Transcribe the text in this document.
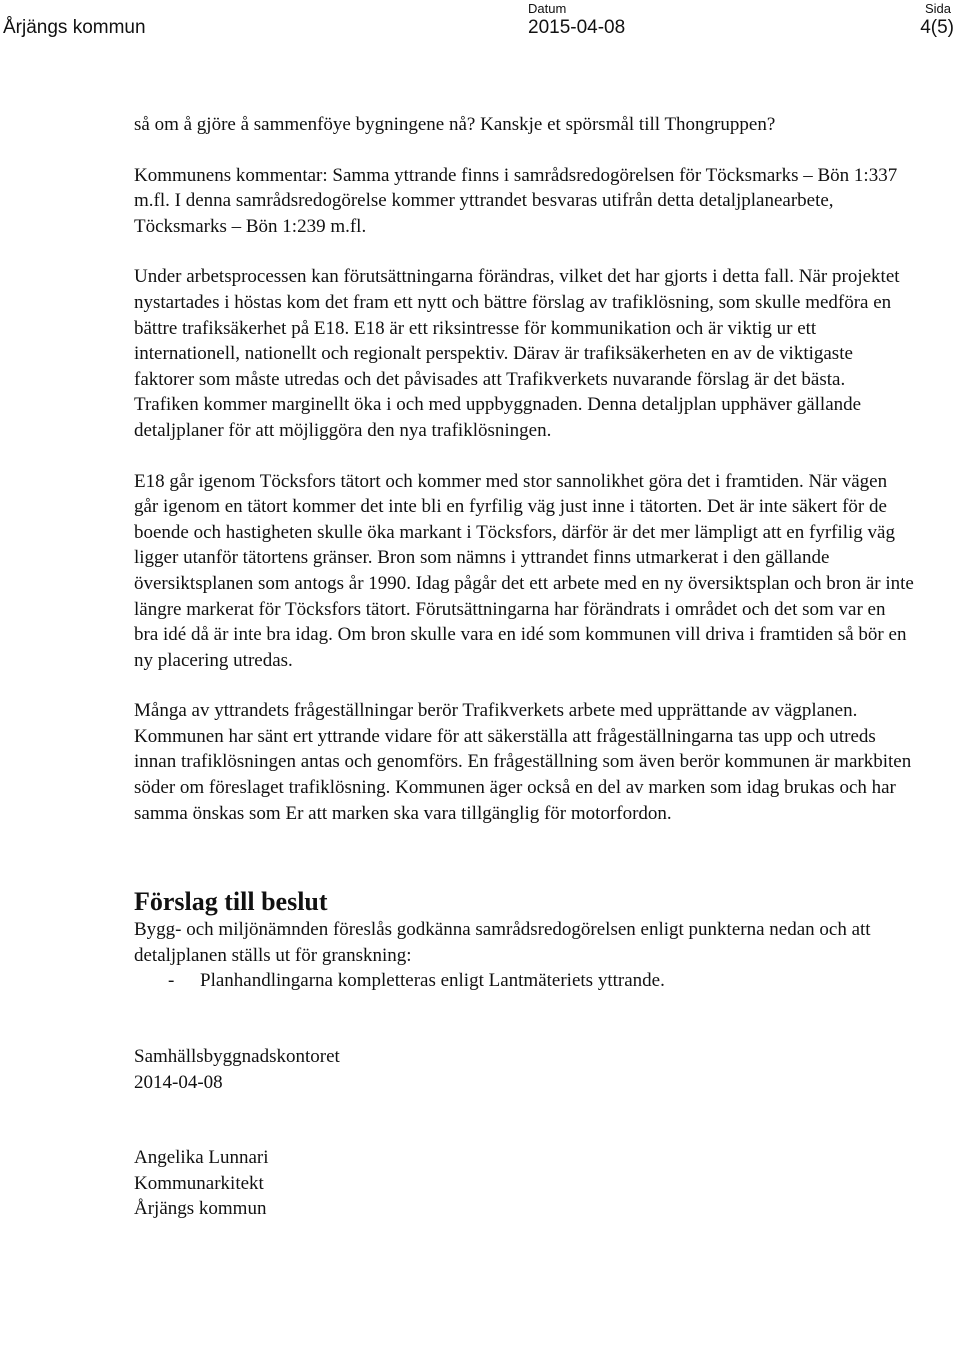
Årjängs kommun
Datum
2015-04-08
Sida
4(5)

så om å gjöre å sammenföye bygningene nå? Kanskje et spörsmål till Thongruppen?

Kommunens kommentar: Samma yttrande finns i samrådsredogörelsen för Töcksmarks – Bön 1:337 m.fl. I denna samrådsredogörelse kommer yttrandet besvaras utifrån detta detaljplanearbete, Töcksmarks – Bön 1:239 m.fl.

Under arbetsprocessen kan förutsättningarna förändras, vilket det har gjorts i detta fall. När projektet nystartades i höstas kom det fram ett nytt och bättre förslag av trafiklösning, som skulle medföra en bättre trafiksäkerhet på E18. E18 är ett riksintresse för kommunikation och är viktig ur ett internationell, nationellt och regionalt perspektiv. Därav är trafiksäkerheten en av de viktigaste faktorer som måste utredas och det påvisades att Trafikverkets nuvarande förslag är det bästa. Trafiken kommer marginellt öka i och med uppbyggnaden. Denna detaljplan upphäver gällande detaljplaner för att möjliggöra den nya trafiklösningen.

E18 går igenom Töcksfors tätort och kommer med stor sannolikhet göra det i framtiden. När vägen går igenom en tätort kommer det inte bli en fyrfilig väg just inne i tätorten. Det är inte säkert för de boende och hastigheten skulle öka markant i Töcksfors, därför är det mer lämpligt att en fyrfilig väg ligger utanför tätortens gränser. Bron som nämns i yttrandet finns utmarkerat i den gällande översiktsplanen som antogs år 1990. Idag pågår det ett arbete med en ny översiktsplan och bron är inte längre markerat för Töcksfors tätort. Förutsättningarna har förändrats i området och det som var en bra idé då är inte bra idag. Om bron skulle vara en idé som kommunen vill driva i framtiden så bör en ny placering utredas.

Många av yttrandets frågeställningar berör Trafikverkets arbete med upprättande av vägplanen. Kommunen har sänt ert yttrande vidare för att säkerställa att frågeställningarna tas upp och utreds innan trafiklösningen antas och genomförs. En frågeställning som även berör kommunen är markbiten söder om föreslaget trafiklösning. Kommunen äger också en del av marken som idag brukas och har samma önskas som Er att marken ska vara tillgänglig för motorfordon.

Förslag till beslut

Bygg- och miljönämnden föreslås godkänna samrådsredogörelsen enligt punkterna nedan och att detaljplanen ställs ut för granskning:

-	Planhandlingarna kompletteras enligt Lantmäteriets yttrande.

Samhällsbyggnadskontoret

2014-04-08

Angelika Lunnari

Kommunarkitekt

Årjängs kommun
